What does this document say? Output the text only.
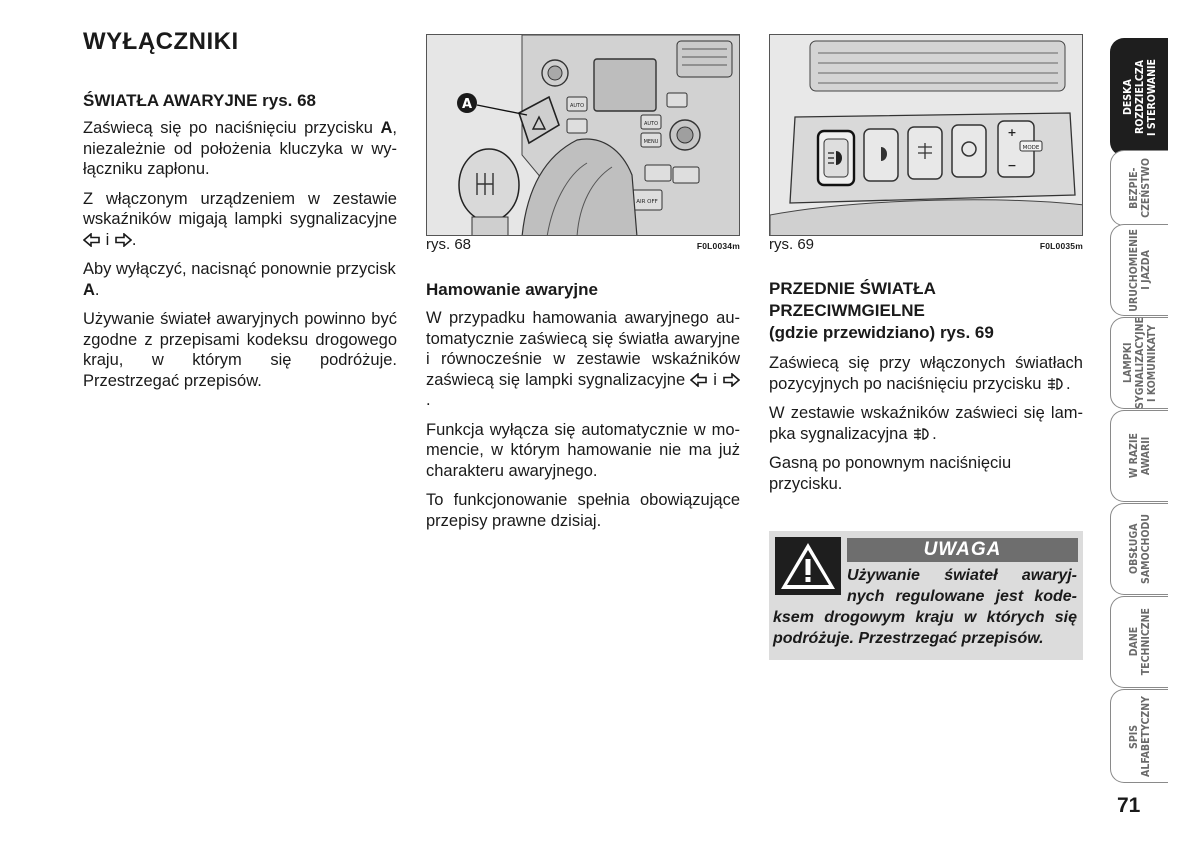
WYŁĄCZNIKI

ŚWIATŁA AWARYJNE rys. 68

Zaświecą się po naciśnięciu przycisku A, niezależnie od położenia kluczyka w wyłączniku zapłonu.

Z włączonym urządzeniem w zestawie wskaźników migają lampki sygnalizacyjne  i .

Aby wyłączyć, nacisnąć ponownie przycisk A.

Używanie świateł awaryjnych powinno być zgodne z przepisami kodeksu drogowego kraju, w którym się podróżuje. Przestrzegać przepisów.

AIR OFF
AUTO
AUTO
MENU
A
rys. 68	F0L0034m

Hamowanie awaryjne

W przypadku hamowania awaryjnego automatycznie zaświecą się światła awaryjne i równocześnie w zestawie wskaźników zaświecą się lampki sygnalizacyjne  i .

Funkcja wyłącza się automatycznie w momencie, w którym hamowanie nie ma już charakteru awaryjnego.

To funkcjonowanie spełnia obowiązujące przepisy prawne dzisiaj.

+
−
MODE
rys. 69	F0L0035m

PRZEDNIE ŚWIATŁA

PRZECIWMGIELNE

(gdzie przewidziano) rys. 69

Zaświecą się przy włączonych światłach pozycyjnych po naciśnięciu przycisku .

W zestawie wskaźników zaświeci się lampka sygnalizacyjna .

Gasną po ponownym naciśnięciu przycisku.

UWAGA
Używanie świateł awaryj-
nych regulowane jest kode-
ksem drogowym kraju w których się
podróżuje. Przestrzegać przepisów.
DESKA
ROZDZIELCZA
I STEROWANIE
BEZPIE-
CZEŃSTWO
URUCHOMIENIE
I JAZDA
LAMPKI
SYGNALIZACYJNE
I KOMUNIKATY
W RAZIE
AWARII
OBSŁUGA
SAMOCHODU
DANE
TECHNICZNE
SPIS
ALFABETYCZNY
71
